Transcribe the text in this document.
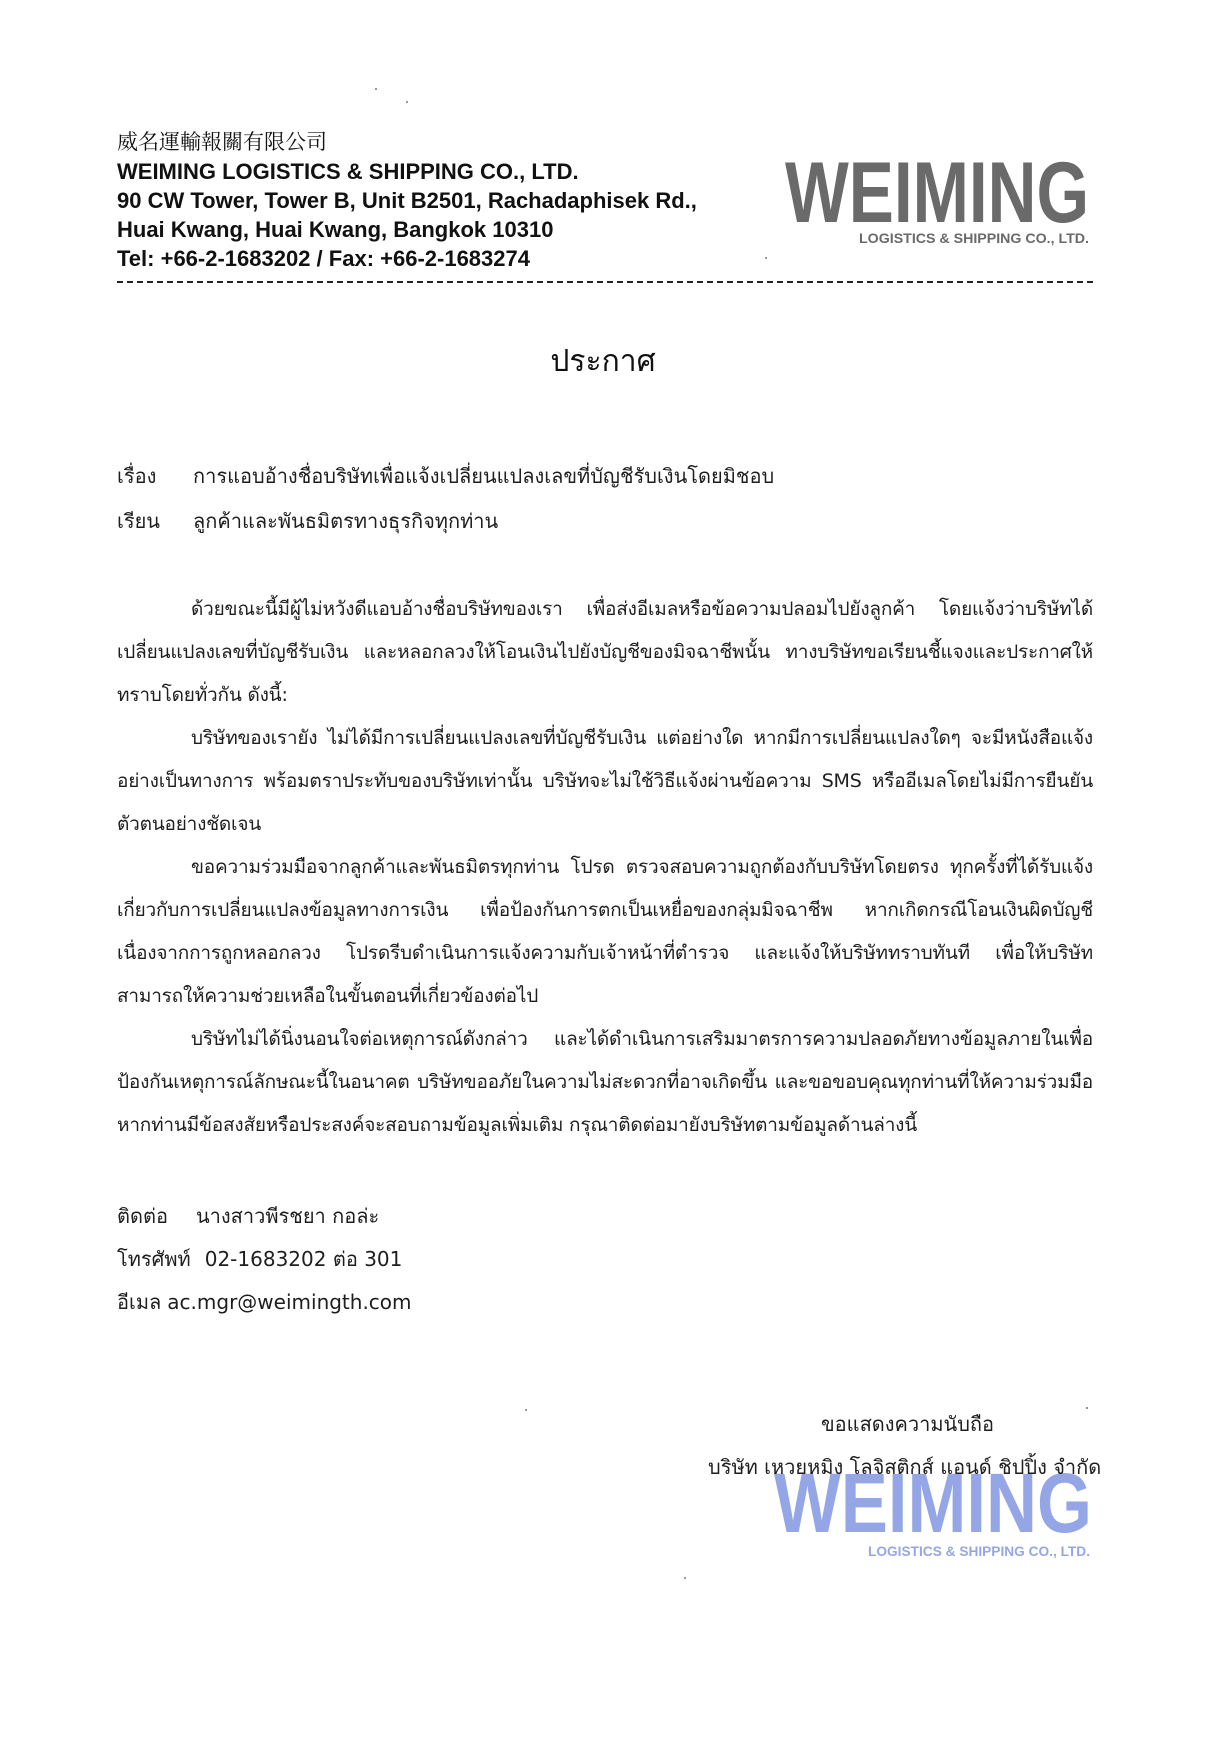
威名運輸報關有限公司
WEIMING LOGISTICS & SHIPPING CO., LTD.
90 CW Tower, Tower B, Unit B2501, Rachadaphisek Rd.,
Huai Kwang, Huai Kwang, Bangkok 10310
Tel: +66-2-1683202 / Fax: +66-2-1683274
WEIMING
LOGISTICS & SHIPPING CO., LTD.
ประกาศ
เรื่อง การแอบอ้างชื่อบริษัทเพื่อแจ้งเปลี่ยนแปลงเลขที่บัญชีรับเงินโดยมิชอบ
เรียน ลูกค้าและพันธมิตรทางธุรกิจทุกท่าน

ด้วยขณะนี้มีผู้ไม่หวังดีแอบอ้างชื่อบริษัทของเรา เพื่อส่งอีเมลหรือข้อความปลอมไปยังลูกค้า โดยแจ้งว่าบริษัทได้เปลี่ยนแปลงเลขที่บัญชีรับเงิน และหลอกลวงให้โอนเงินไปยังบัญชีของมิจฉาชีพนั้น ทางบริษัทขอเรียนชี้แจงและประกาศให้ทราบโดยทั่วกัน ดังนี้:

บริษัทของเรายัง ไม่ได้มีการเปลี่ยนแปลงเลขที่บัญชีรับเงิน แต่อย่างใด หากมีการเปลี่ยนแปลงใดๆ จะมีหนังสือแจ้งอย่างเป็นทางการ พร้อมตราประทับของบริษัทเท่านั้น บริษัทจะไม่ใช้วิธีแจ้งผ่านข้อความ SMS หรืออีเมลโดยไม่มีการยืนยันตัวตนอย่างชัดเจน

ขอความร่วมมือจากลูกค้าและพันธมิตรทุกท่าน โปรด ตรวจสอบความถูกต้องกับบริษัทโดยตรง ทุกครั้งที่ได้รับแจ้งเกี่ยวกับการเปลี่ยนแปลงข้อมูลทางการเงิน เพื่อป้องกันการตกเป็นเหยื่อของกลุ่มมิจฉาชีพ หากเกิดกรณีโอนเงินผิดบัญชีเนื่องจากการถูกหลอกลวง โปรดรีบดำเนินการแจ้งความกับเจ้าหน้าที่ตำรวจ และแจ้งให้บริษัททราบทันที เพื่อให้บริษัทสามารถให้ความช่วยเหลือในขั้นตอนที่เกี่ยวข้องต่อไป

บริษัทไม่ได้นิ่งนอนใจต่อเหตุการณ์ดังกล่าว และได้ดำเนินการเสริมมาตรการความปลอดภัยทางข้อมูลภายในเพื่อป้องกันเหตุการณ์ลักษณะนี้ในอนาคต บริษัทขออภัยในความไม่สะดวกที่อาจเกิดขึ้น และขอขอบคุณทุกท่านที่ให้ความร่วมมือ หากท่านมีข้อสงสัยหรือประสงค์จะสอบถามข้อมูลเพิ่มเติม กรุณาติดต่อมายังบริษัทตามข้อมูลด้านล่างนี้

ติดต่อ นางสาวพีรชยา กอล่ะ
โทรศัพท์ 02-1683202 ต่อ 301
อีเมล ac.mgr@weimingth.com
ขอแสดงความนับถือ
WEIMING
LOGISTICS & SHIPPING CO., LTD.
บริษัท เหวยหมิง โลจิสติกส์ แอนด์ ชิปปิ้ง จำกัด
